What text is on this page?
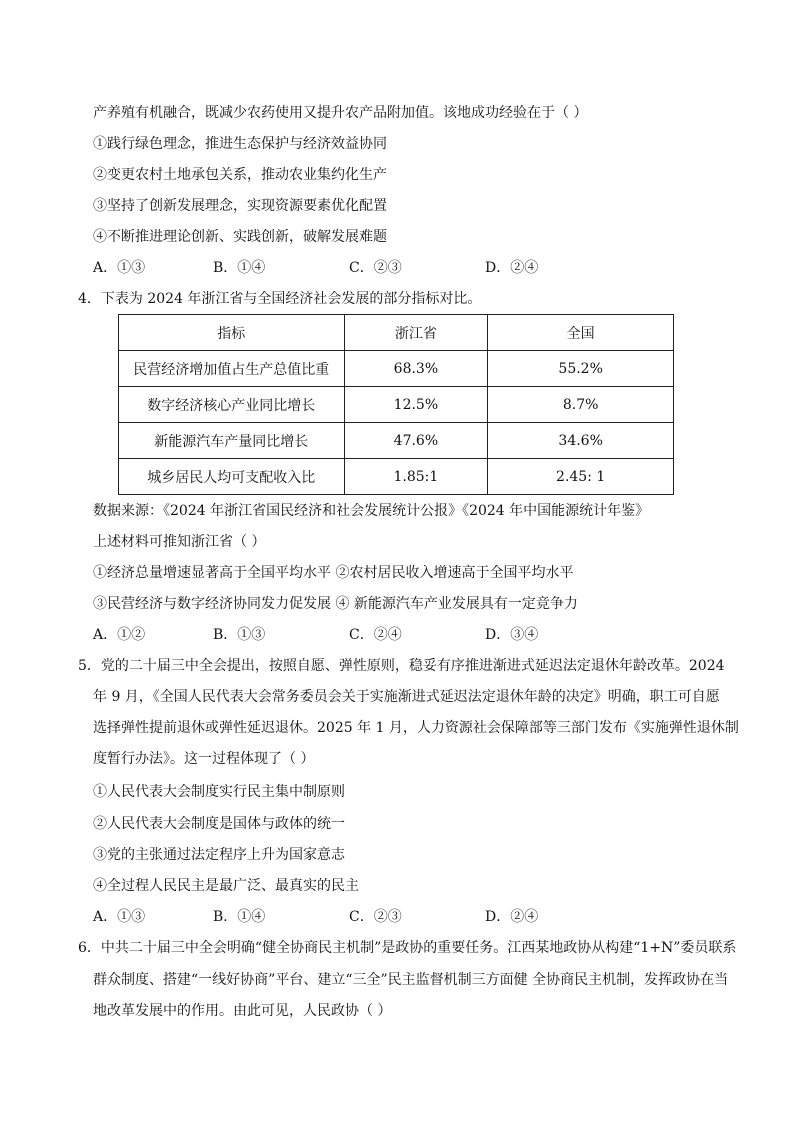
产养殖有机融合，既减少农药使用又提升农产品附加值。该地成功经验在于（ ）
①践行绿色理念，推进生态保护与经济效益协同
②变更农村土地承包关系，推动农业集约化生产
③坚持了创新发展理念，实现资源要素优化配置
④不断推进理论创新、实践创新，破解发展难题
A．①③	B．①④	C．②③	D．②④
4．下表为 2024 年浙江省与全国经济社会发展的部分指标对比。
指标	浙江省	全国
民营经济增加值占生产总值比重	68.3%	55.2%
数字经济核心产业同比增长	12.5%	8.7%
新能源汽车产量同比增长	47.6%	34.6%
城乡居民人均可支配收入比	1.85:1	2.45: 1
数据来源：《2024 年浙江省国民经济和社会发展统计公报》《2024 年中国能源统计年鉴》
上述材料可推知浙江省（ ）
①经济总量增速显著高于全国平均水平 ②农村居民收入增速高于全国平均水平
③民营经济与数字经济协同发力促发展 ④ 新能源汽车产业发展具有一定竞争力
A．①②	B．①③	C．②④	D．③④
5．党的二十届三中全会提出，按照自愿、弹性原则，稳妥有序推进渐进式延迟法定退休年龄改革。2024
年 9 月，《全国人民代表大会常务委员会关于实施渐进式延迟法定退休年龄的决定》明确，职工可自愿
选择弹性提前退休或弹性延迟退休。2025 年 1 月，人力资源社会保障部等三部门发布《实施弹性退休制
度暂行办法》。这一过程体现了（ ）
①人民代表大会制度实行民主集中制原则
②人民代表大会制度是国体与政体的统一
③党的主张通过法定程序上升为国家意志
④全过程人民民主是最广泛、最真实的民主
A．①③	B．①④	C．②③	D．②④
6．中共二十届三中全会明确“健全协商民主机制”是政协的重要任务。江西某地政协从构建“1+N”委员联系
群众制度、搭建“一线好协商”平台、建立“三全”民主监督机制三方面健 全协商民主机制，发挥政协在当
地改革发展中的作用。由此可见，人民政协（ ）
